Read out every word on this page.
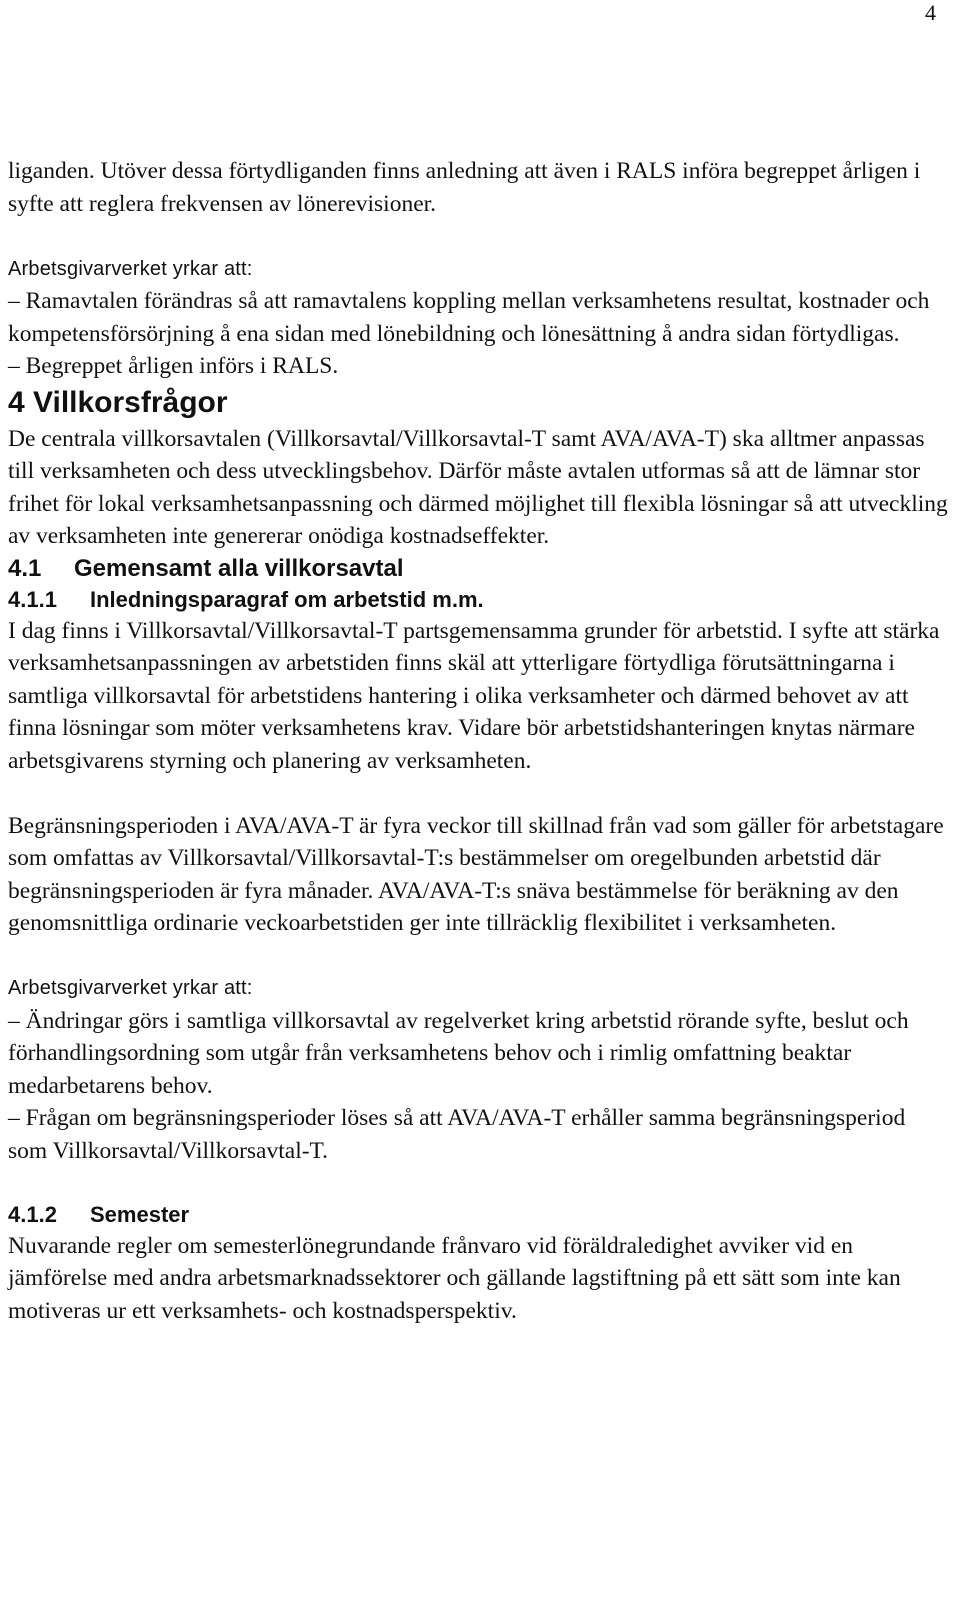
4

liganden. Utöver dessa förtydliganden finns anledning att även i RALS införa begreppet årligen i syfte att reglera frekvensen av lönerevisioner.

Arbetsgivarverket yrkar att:

– Ramavtalen förändras så att ramavtalens koppling mellan verksamhetens resultat, kostnader och kompetensförsörjning å ena sidan med lönebildning och lönesättning å andra sidan förtydligas.

– Begreppet årligen införs i RALS.

4 Villkorsfrågor

De centrala villkorsavtalen (Villkorsavtal/Villkorsavtal-T samt AVA/AVA-T) ska alltmer anpassas till verksamheten och dess utvecklingsbehov. Därför måste avtalen utformas så att de lämnar stor frihet för lokal verksamhetsanpassning och därmed möjlighet till flexibla lösningar så att utveckling av verksamheten inte genererar onödiga kostnadseffekter.

4.1 Gemensamt alla villkorsavtal
4.1.1 Inledningsparagraf om arbetstid m.m.

I dag finns i Villkorsavtal/Villkorsavtal-T partsgemensamma grunder för arbetstid. I syfte att stärka verksamhetsanpassningen av arbetstiden finns skäl att ytterligare förtydliga förutsättningarna i samtliga villkorsavtal för arbetstidens hantering i olika verksamheter och därmed behovet av att finna lösningar som möter verksamhetens krav. Vidare bör arbetstidshanteringen knytas närmare arbetsgivarens styrning och planering av verksamheten.

Begränsningsperioden i AVA/AVA-T är fyra veckor till skillnad från vad som gäller för arbetstagare som omfattas av Villkorsavtal/Villkorsavtal-T:s bestämmelser om oregelbunden arbetstid där begränsningsperioden är fyra månader. AVA/AVA-T:s snäva bestämmelse för beräkning av den genomsnittliga ordinarie veckoarbetstiden ger inte tillräcklig flexibilitet i verksamheten.

Arbetsgivarverket yrkar att:

– Ändringar görs i samtliga villkorsavtal av regelverket kring arbetstid rörande syfte, beslut och förhandlingsordning som utgår från verksamhetens behov och i rimlig omfattning beaktar medarbetarens behov.

– Frågan om begränsningsperioder löses så att AVA/AVA-T erhåller samma begränsningsperiod som Villkorsavtal/Villkorsavtal-T.

4.1.2 Semester

Nuvarande regler om semesterlönegrundande frånvaro vid föräldraledighet avviker vid en jämförelse med andra arbetsmarknadssektorer och gällande lagstiftning på ett sätt som inte kan motiveras ur ett verksamhets- och kostnadsperspektiv.
